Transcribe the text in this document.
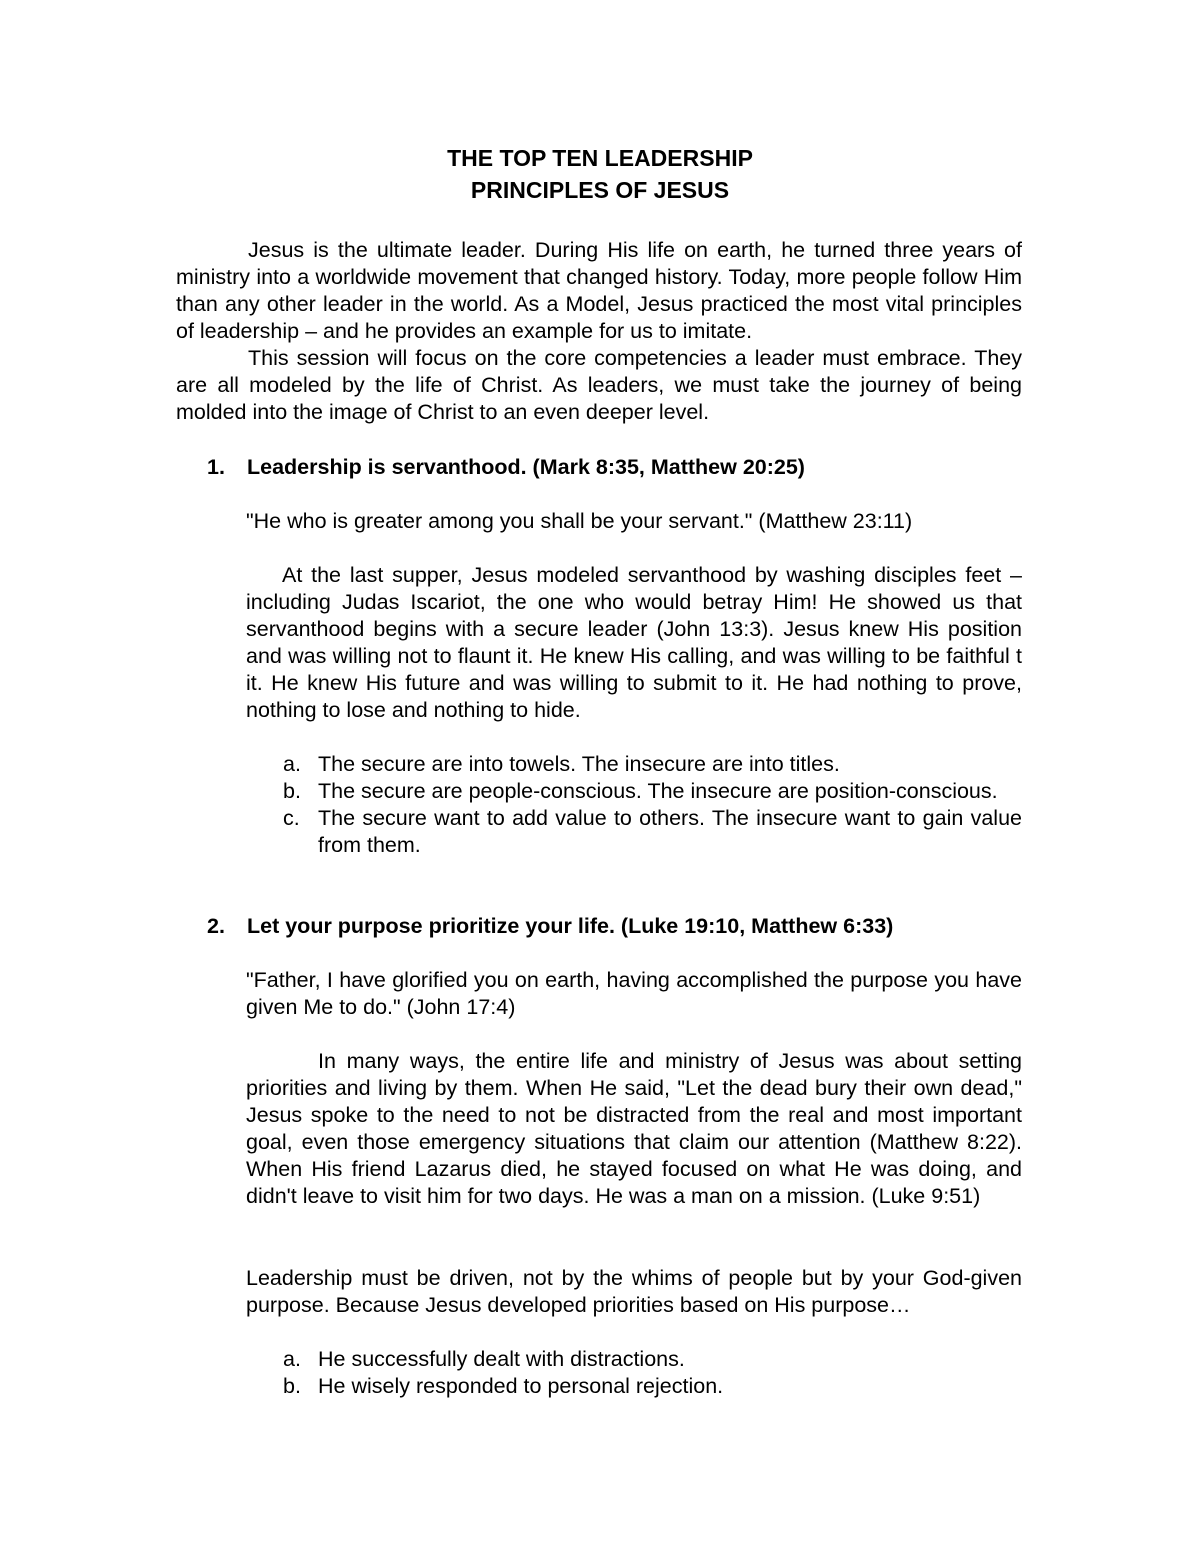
THE TOP TEN LEADERSHIP
PRINCIPLES OF JESUS

Jesus is the ultimate leader. During His life on earth, he turned three years of ministry into a worldwide movement that changed history. Today, more people follow Him than any other leader in the world. As a Model, Jesus practiced the most vital principles of leadership – and he provides an example for us to imitate.

This session will focus on the core competencies a leader must embrace. They are all modeled by the life of Christ. As leaders, we must take the journey of being molded into the image of Christ to an even deeper level.

1. Leadership is servanthood. (Mark 8:35, Matthew 20:25)

"He who is greater among you shall be your servant." (Matthew 23:11)

At the last supper, Jesus modeled servanthood by washing disciples feet – including Judas Iscariot, the one who would betray Him! He showed us that servanthood begins with a secure leader (John 13:3). Jesus knew His position and was willing not to flaunt it. He knew His calling, and was willing to be faithful t it. He knew His future and was willing to submit to it. He had nothing to prove, nothing to lose and nothing to hide.

a. The secure are into towels. The insecure are into titles.
b. The secure are people-conscious. The insecure are position-conscious.
c. The secure want to add value to others. The insecure want to gain value from them.
2. Let your purpose prioritize your life. (Luke 19:10, Matthew 6:33)

"Father, I have glorified you on earth, having accomplished the purpose you have given Me to do." (John 17:4)

In many ways, the entire life and ministry of Jesus was about setting priorities and living by them. When He said, "Let the dead bury their own dead," Jesus spoke to the need to not be distracted from the real and most important goal, even those emergency situations that claim our attention (Matthew 8:22). When His friend Lazarus died, he stayed focused on what He was doing, and didn't leave to visit him for two days. He was a man on a mission. (Luke 9:51)

Leadership must be driven, not by the whims of people but by your God-given purpose. Because Jesus developed priorities based on His purpose…

a. He successfully dealt with distractions.
b. He wisely responded to personal rejection.
